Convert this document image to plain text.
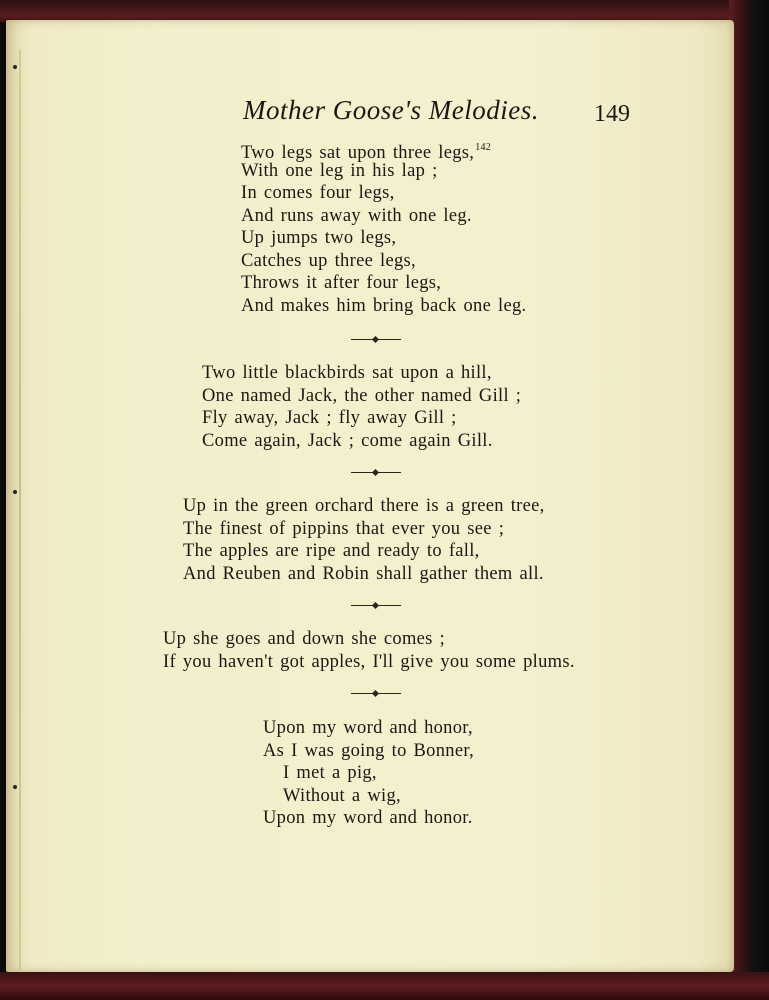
Mother Goose's Melodies. 149
Two legs sat upon three legs,$^{142}$
With one leg in his lap ;
In comes four legs,
And runs away with one leg.
Up jumps two legs,
Catches up three legs,
Throws it after four legs,
And makes him bring back one leg.
Two little blackbirds sat upon a hill,
One named Jack, the other named Gill ;
Fly away, Jack ; fly away Gill ;
Come again, Jack ; come again Gill.
Up in the green orchard there is a green tree,
The finest of pippins that ever you see ;
The apples are ripe and ready to fall,
And Reuben and Robin shall gather them all.
Up she goes and down she comes ;
If you haven't got apples, I'll give you some plums.
Upon my word and honor,
As I was going to Bonner,
I met a pig,
Without a wig,
Upon my word and honor.
